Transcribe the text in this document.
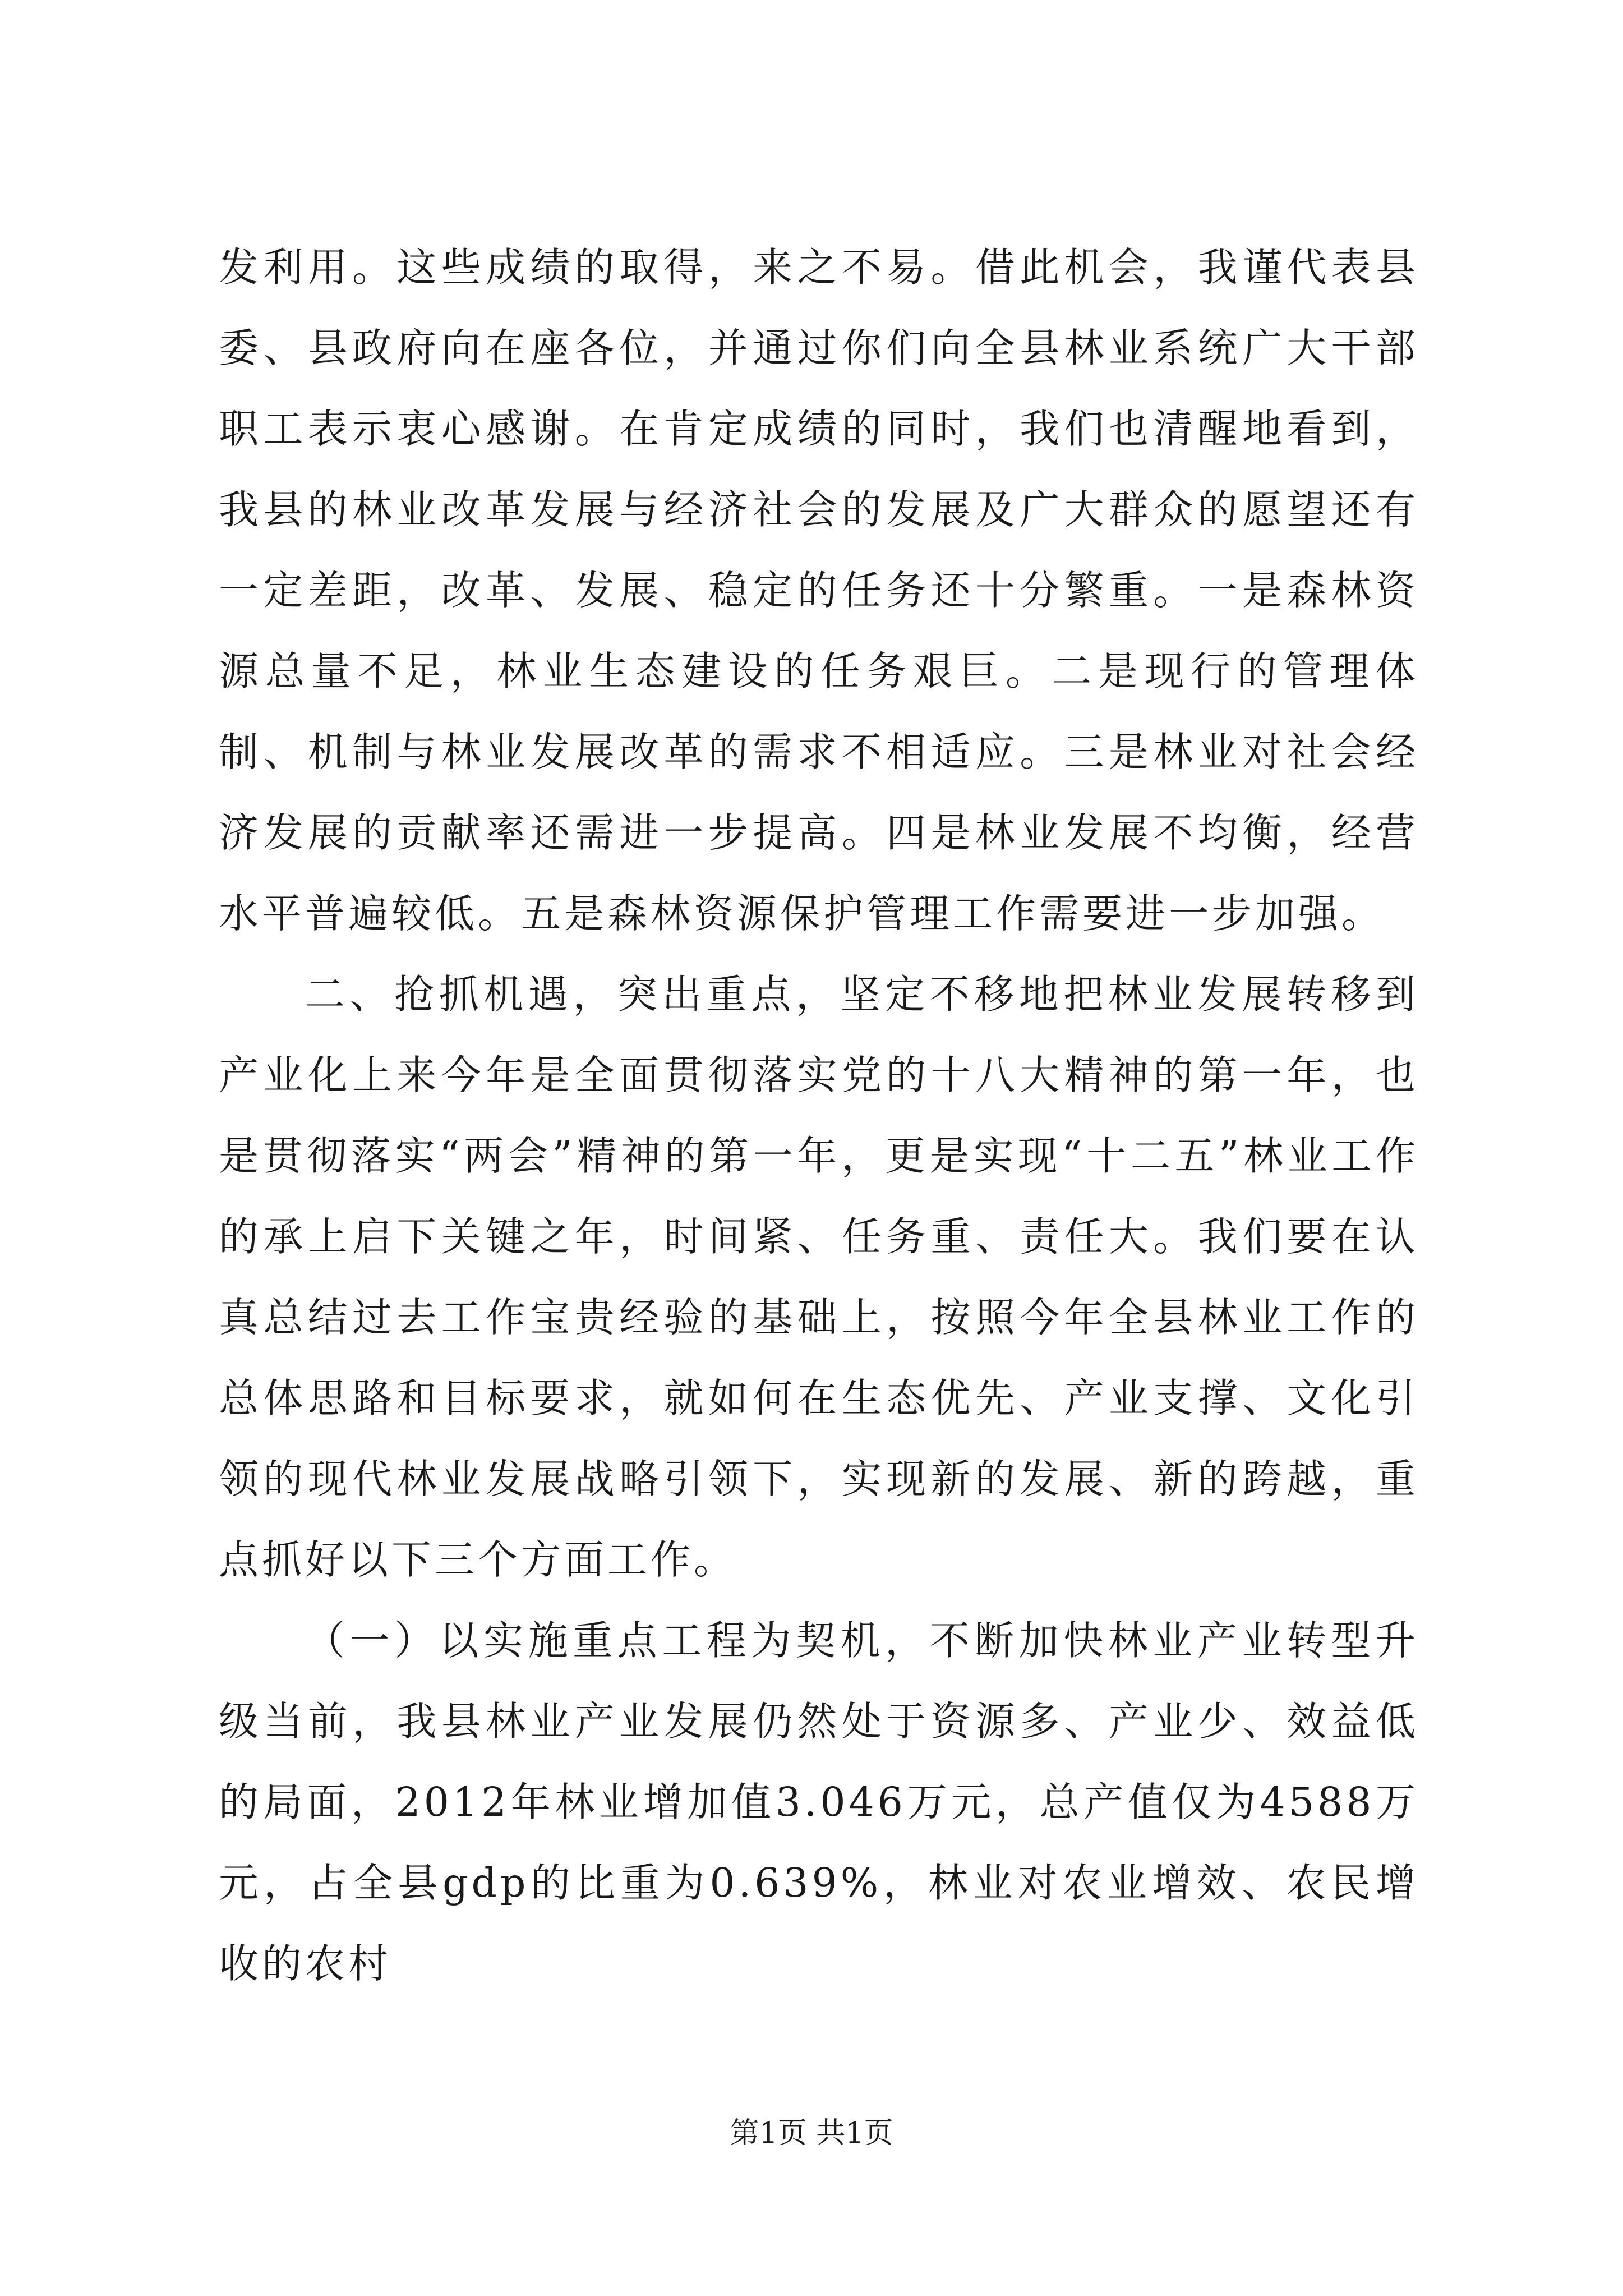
发利用。这些成绩的取得，来之不易。借此机会，我谨代表县委、县政府向在座各位，并通过你们向全县林业系统广大干部职工表示衷心感谢。在肯定成绩的同时，我们也清醒地看到，我县的林业改革发展与经济社会的发展及广大群众的愿望还有一定差距，改革、发展、稳定的任务还十分繁重。一是森林资源总量不足，林业生态建设的任务艰巨。二是现行的管理体制、机制与林业发展改革的需求不相适应。三是林业对社会经济发展的贡献率还需进一步提高。四是林业发展不均衡，经营水平普遍较低。五是森林资源保护管理工作需要进一步加强。

二、抢抓机遇，突出重点，坚定不移地把林业发展转移到产业化上来今年是全面贯彻落实党的十八大精神的第一年，也是贯彻落实“两会”精神的第一年，更是实现“十二五”林业工作的承上启下关键之年，时间紧、任务重、责任大。我们要在认真总结过去工作宝贵经验的基础上，按照今年全县林业工作的总体思路和目标要求，就如何在生态优先、产业支撑、文化引领的现代林业发展战略引领下，实现新的发展、新的跨越，重点抓好以下三个方面工作。

（一）以实施重点工程为契机，不断加快林业产业转型升级当前，我县林业产业发展仍然处于资源多、产业少、效益低的局面，2012年林业增加值3.046万元，总产值仅为4588万元，占全县gdp的比重为0.639%，林业对农业增效、农民增收的农村

第1页 共1页
